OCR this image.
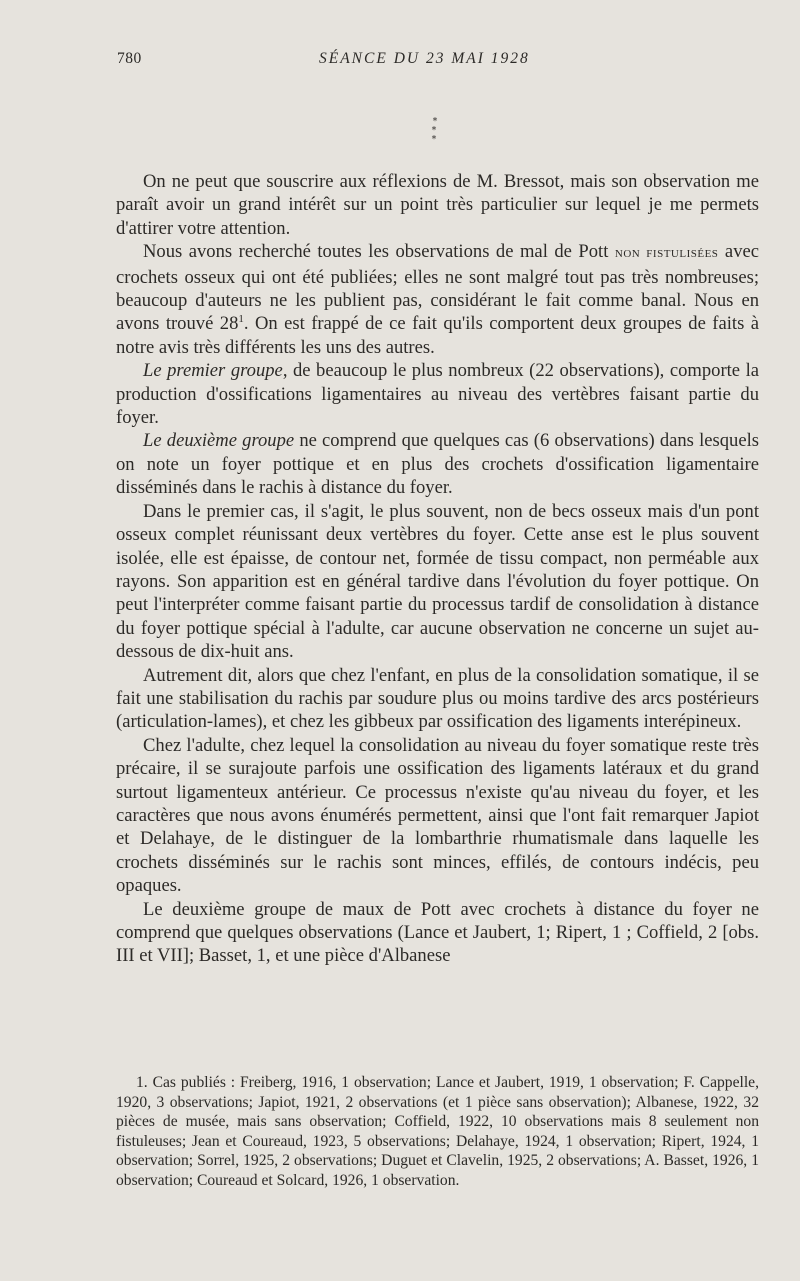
780	SÉANCE DU 23 MAI 1928
*
* *

On ne peut que souscrire aux réflexions de M. Bressot, mais son observation me paraît avoir un grand intérêt sur un point très particulier sur lequel je me permets d'attirer votre attention.

Nous avons recherché toutes les observations de mal de Pott non fistulisées avec crochets osseux qui ont été publiées; elles ne sont malgré tout pas très nombreuses; beaucoup d'auteurs ne les publient pas, considérant le fait comme banal. Nous en avons trouvé $28^1$. On est frappé de ce fait qu'ils comportent deux groupes de faits à notre avis très différents les uns des autres.

Le premier groupe, de beaucoup le plus nombreux (22 observations), comporte la production d'ossifications ligamentaires au niveau des vertèbres faisant partie du foyer.

Le deuxième groupe ne comprend que quelques cas (6 observations) dans lesquels on note un foyer pottique et en plus des crochets d'ossification ligamentaire disséminés dans le rachis à distance du foyer.

Dans le premier cas, il s'agit, le plus souvent, non de becs osseux mais d'un pont osseux complet réunissant deux vertèbres du foyer. Cette anse est le plus souvent isolée, elle est épaisse, de contour net, formée de tissu compact, non perméable aux rayons. Son apparition est en général tardive dans l'évolution du foyer pottique. On peut l'interpréter comme faisant partie du processus tardif de consolidation à distance du foyer pottique spécial à l'adulte, car aucune observation ne concerne un sujet au-dessous de dix-huit ans.

Autrement dit, alors que chez l'enfant, en plus de la consolidation somatique, il se fait une stabilisation du rachis par soudure plus ou moins tardive des arcs postérieurs (articulation-lames), et chez les gibbeux par ossification des ligaments interépineux.

Chez l'adulte, chez lequel la consolidation au niveau du foyer somatique reste très précaire, il se surajoute parfois une ossification des ligaments latéraux et du grand surtout ligamenteux antérieur. Ce processus n'existe qu'au niveau du foyer, et les caractères que nous avons énumérés permettent, ainsi que l'ont fait remarquer Japiot et Delahaye, de le distinguer de la lombarthrie rhumatismale dans laquelle les crochets disséminés sur le rachis sont minces, effilés, de contours indécis, peu opaques.

Le deuxième groupe de maux de Pott avec crochets à distance du foyer ne comprend que quelques observations (Lance et Jaubert, 1; Ripert, 1 ; Coffield, 2 [obs. III et VII]; Basset, 1, et une pièce d'Albanese

1. Cas publiés : Freiberg, 1916, 1 observation; Lance et Jaubert, 1919, 1 observation; F. Cappelle, 1920, 3 observations; Japiot, 1921, 2 observations (et 1 pièce sans observation); Albanese, 1922, 32 pièces de musée, mais sans observation; Coffield, 1922, 10 observations mais 8 seulement non fistuleuses; Jean et Coureaud, 1923, 5 observations; Delahaye, 1924, 1 observation; Ripert, 1924, 1 observation; Sorrel, 1925, 2 observations; Duguet et Clavelin, 1925, 2 observations; A. Basset, 1926, 1 observation; Coureaud et Solcard, 1926, 1 observation.
